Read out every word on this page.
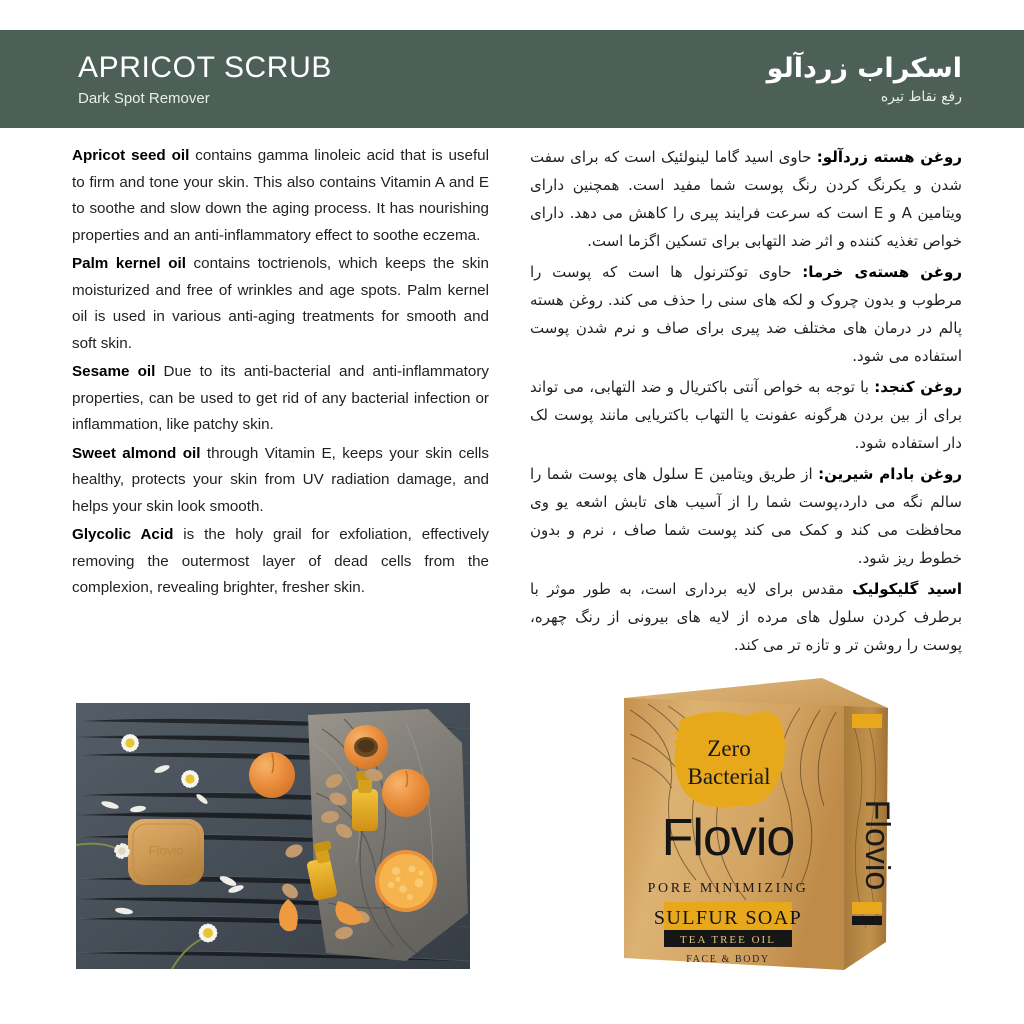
APRICOT SCRUB
Dark Spot Remover
اسکراب زردآلو
رفع نقاط تیره

Apricot seed oil contains gamma linoleic acid that is useful to firm and tone your skin. This also contains Vitamin A and E to soothe and slow down the aging process. It has nourishing properties and an anti-inflammatory effect to soothe eczema.

Palm kernel oil contains toctrienols, which keeps the skin moisturized and free of wrinkles and age spots. Palm kernel oil is used in various anti-aging treatments for smooth and soft skin.

Sesame oil Due to its anti-bacterial and anti-inflammatory properties, can be used to get rid of any bacterial infection or inflammation, like patchy skin.

Sweet almond oil through Vitamin E, keeps your skin cells healthy, protects your skin from UV radiation damage, and helps your skin look smooth.

Glycolic Acid is the holy grail for exfoliation, effectively removing the outermost layer of dead cells from the complexion, revealing brighter, fresher skin.

روغن هسته زردآلو: حاوی اسید گاما لینولئیک است که برای سفت شدن و یکرنگ کردن رنگ پوست شما مفید است. همچنین دارای ویتامین A و E است که سرعت فرایند پیری را کاهش می دهد. دارای خواص تغذیه کننده و اثر ضد التهابی برای تسکین اگزما است.

روغن هسته‌ی خرما: حاوی توکترنول ها است که پوست را مرطوب و بدون چروک و لکه های سنی را حذف می کند. روغن هسته پالم در درمان های مختلف ضد پیری برای صاف و نرم شدن پوست استفاده می شود.

روغن کنجد: با توجه به خواص آنتی باکتریال و ضد التهابی، می تواند برای از بین بردن هرگونه عفونت یا التهاب باکتریایی مانند پوست لک دار استفاده شود.

روغن بادام شیرین: از طریق ویتامین E سلول های پوست شما را سالم نگه می دارد،پوست شما را از آسیب های تابش اشعه یو وی محافظت می کند و کمک می کند پوست شما صاف ، نرم و بدون خطوط ریز شود.

اسید گلیکولیک مقدس برای لایه برداری است، به طور موثر با برطرف کردن سلول های مرده از لایه های بیرونی از رنگ چهره، پوست را روشن تر و تازه تر می کند.

Flovio
SULFUR
Zero
Bacterial
Flovio
PORE MINIMIZING
SULFUR SOAP
TEA TREE OIL
FACE & BODY
Flovio
